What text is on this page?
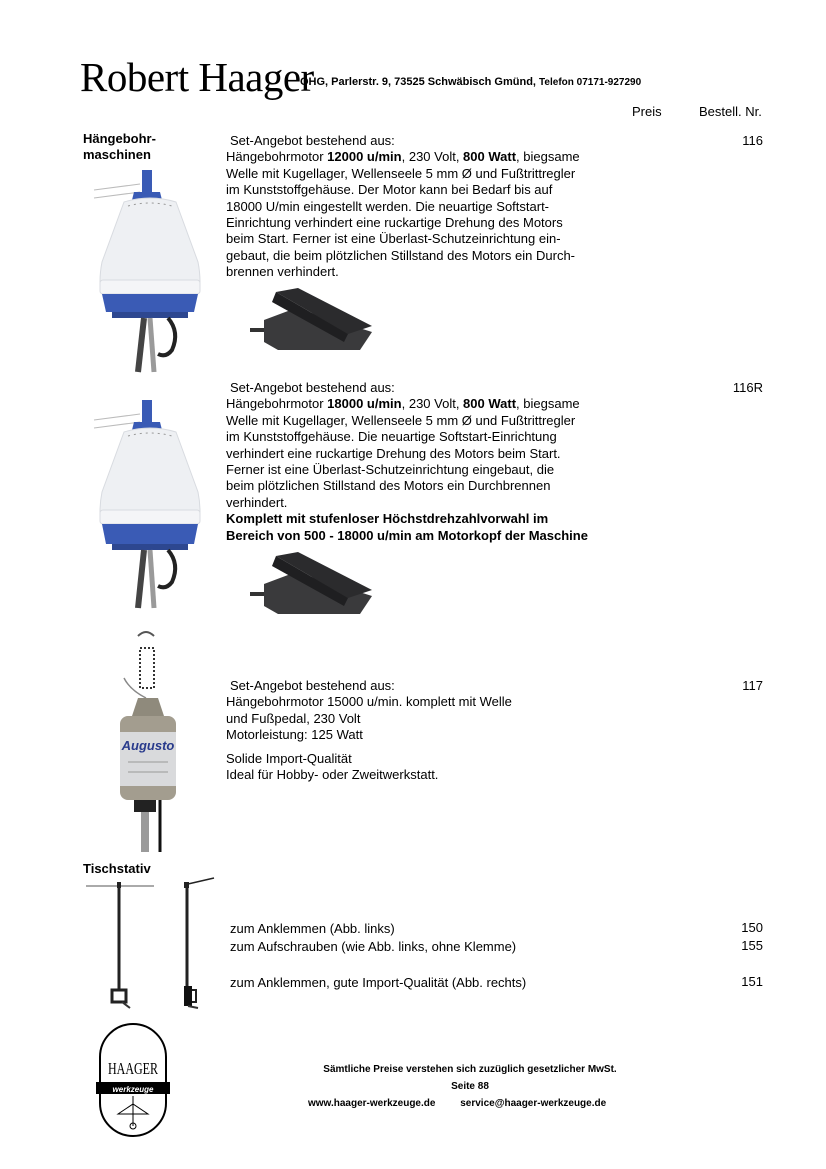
Robert Haager
OHG, Parlerstr. 9, 73525 Schwäbisch Gmünd, Telefon 07171-927290
Preis	Bestell. Nr.
Hängebohr-
maschinen
Set-Angebot bestehend aus:
Hängebohrmotor 12000 u/min, 230 Volt, 800 Watt, biegsame
Welle mit Kugellager, Wellenseele 5 mm Ø und Fußtrittregler
im Kunststoffgehäuse. Der Motor kann bei Bedarf bis auf
18000 U/min eingestellt werden. Die neuartige Softstart-
Einrichtung verhindert eine ruckartige Drehung des Motors
beim Start. Ferner ist eine Überlast-Schutzeinrichtung ein-
gebaut, die beim plötzlichen Stillstand des Motors ein Durch-
brennen verhindert.
116
Set-Angebot bestehend aus:
Hängebohrmotor 18000 u/min, 230 Volt, 800 Watt, biegsame
Welle mit Kugellager, Wellenseele 5 mm Ø und Fußtrittregler
im Kunststoffgehäuse. Die neuartige Softstart-Einrichtung
verhindert eine ruckartige Drehung des Motors beim Start.
Ferner ist eine Überlast-Schutzeinrichtung eingebaut, die
beim plötzlichen Stillstand des Motors ein Durchbrennen
verhindert.
Komplett mit stufenloser Höchstdrehzahlvorwahl im
Bereich von 500 - 18000 u/min am Motorkopf der Maschine
116R
Augusto
Set-Angebot bestehend aus:
Hängebohrmotor 15000 u/min. komplett mit Welle
und Fußpedal, 230 Volt
Motorleistung: 125 Watt
Solide Import-Qualität
Ideal für Hobby- oder Zweitwerkstatt.
117
Tischstativ
zum Anklemmen (Abb. links)	150
zum Aufschrauben (wie Abb. links, ohne Klemme)	155
zum Anklemmen, gute Import-Qualität (Abb. rechts)	151
HAAGER
werkzeuge
Sämtliche Preise verstehen sich zuzüglich gesetzlicher MwSt.
Seite 88
www.haager-werkzeuge.de service@haager-werkzeuge.de
